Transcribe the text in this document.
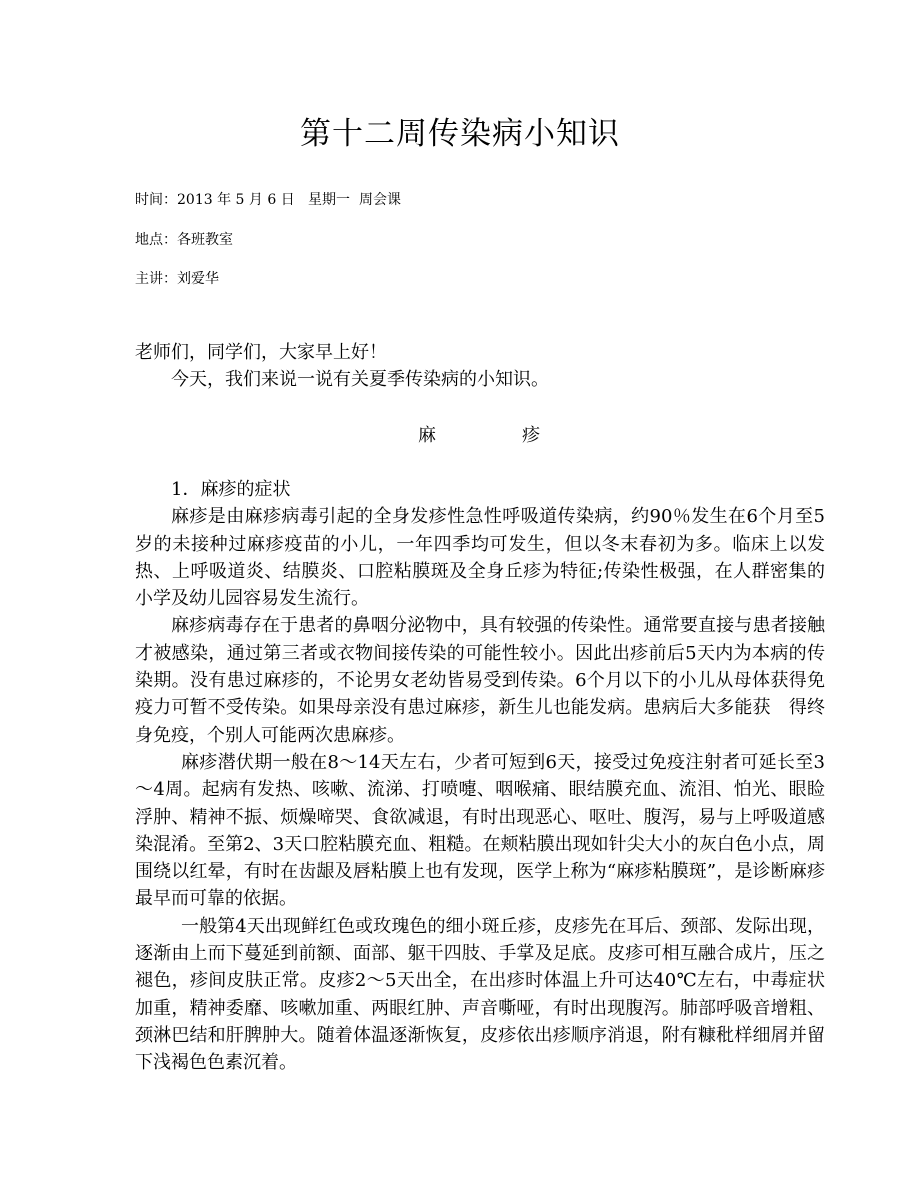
第十二周传染病小知识
时间：2013 年 5 月 6 日   星期一  周会课
地点：各班教室
主讲：刘爱华
老师们，同学们，大家早上好！
今天，我们来说一说有关夏季传染病的小知识。
麻	疹

1．麻疹的症状

麻疹是由麻疹病毒引起的全身发疹性急性呼吸道传染病，约90％发生在6个月至5岁的未接种过麻疹疫苗的小儿，一年四季均可发生，但以冬末春初为多。临床上以发热、上呼吸道炎、结膜炎、口腔粘膜斑及全身丘疹为特征;传染性极强，在人群密集的小学及幼儿园容易发生流行。

麻疹病毒存在于患者的鼻咽分泌物中，具有较强的传染性。通常要直接与患者接触才被感染，通过第三者或衣物间接传染的可能性较小。因此出疹前后5天内为本病的传染期。没有患过麻疹的，不论男女老幼皆易受到传染。6个月以下的小儿从母体获得免疫力可暂不受传染。如果母亲没有患过麻疹，新生儿也能发病。患病后大多能获　得终身免疫，个别人可能两次患麻疹。

麻疹潜伏期一般在8～14天左右，少者可短到6天，接受过免疫注射者可延长至3～4周。起病有发热、咳嗽、流涕、打喷嚏、咽喉痛、眼结膜充血、流泪、怕光、眼睑浮肿、精神不振、烦燥啼哭、食欲减退，有时出现恶心、呕吐、腹泻，易与上呼吸道感染混淆。至第2、3天口腔粘膜充血、粗糙。在颊粘膜出现如针尖大小的灰白色小点，周围绕以红晕，有时在齿龈及唇粘膜上也有发现，医学上称为“麻疹粘膜斑”，是诊断麻疹最早而可靠的依据。

一般第4天出现鲜红色或玫瑰色的细小斑丘疹，皮疹先在耳后、颈部、发际出现，逐渐由上而下蔓延到前额、面部、躯干四肢、手掌及足底。皮疹可相互融合成片，压之褪色，疹间皮肤正常。皮疹2～5天出全，在出疹时体温上升可达40℃左右，中毒症状加重，精神委靡、咳嗽加重、两眼红肿、声音嘶哑，有时出现腹泻。肺部呼吸音增粗、颈淋巴结和肝脾肿大。随着体温逐渐恢复，皮疹依出疹顺序消退，附有糠秕样细屑并留下浅褐色色素沉着。
